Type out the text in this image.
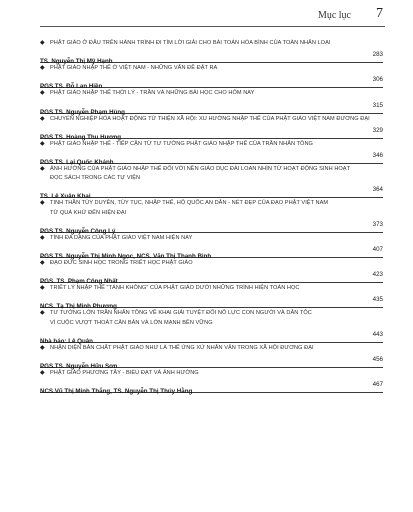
Mục lục 7
◆
PHẬT GIÁO Ở ĐÂU TRÊN HÀNH TRÌNH ĐI TÌM LỜI GIẢI CHO BÀI TOÁN HÒA BÌNH CỦA TOÀN NHÂN LOẠI
TS. Nguyễn Thị Mỹ Hạnh
283
◆
PHẬT GIÁO NHẬP THẾ Ở VIỆT NAM - NHỮNG VẤN ĐỀ ĐẶT RA
PGS.TS. Đỗ Lan Hiền
306
◆
PHẬT GIÁO NHẬP THẾ THỜI LÝ - TRẦN VÀ NHỮNG BÀI HỌC CHO HÔM NAY
PGS.TS. Nguyễn Phạm Hùng
315
◆
CHUYỂN NGHIỆP HÓA HOẠT ĐỘNG TỪ THIỆN XÃ HỘI: XU HƯỚNG NHẬP THẾ CỦA PHẬT GIÁO VIỆT NAM ĐƯƠNG ĐẠI
PGS.TS. Hoàng Thu Hương
329
◆
PHẬT GIÁO NHẬP THẾ - TIẾP CẬN TỪ TƯ TƯỞNG PHẬT GIÁO NHẬP THẾ CỦA TRẦN NHÂN TÔNG
PGS.TS. Lại Quốc Khánh
346
◆
ẢNH HƯỞNG CỦA PHẬT GIÁO NHẬP THẾ ĐỐI VỚI NỀN GIÁO DỤC ĐÀI LOAN NHÌN TỪ HOẠT ĐỘNG SINH HOẠT
ĐỌC SÁCH TRONG CÁC TỰ VIỆN
TS. Lê Xuân Khai
364
◆
TINH THẦN TÙY DUYÊN, TÙY TỤC, NHẬP THẾ, HỘ QUỐC AN DÂN - NÉT ĐẸP CỦA ĐẠO PHẬT VIỆT NAM
TỪ QUÁ KHỨ ĐẾN HIỆN ĐẠI
PGS.TS. Nguyễn Công Lý
373
◆
TÍNH ĐA DẠNG CỦA PHẬT GIÁO VIỆT NAM HIỆN NAY
PGS.TS. Nguyễn Thị Minh Ngọc, NCS. Văn Thị Thanh Bình
407
◆
ĐẠO ĐỨC SINH HỌC TRONG TRIẾT HỌC PHẬT GIÁO
PGS. TS. Phạm Công Nhất
423
◆
TRIẾT LÝ NHẬP THẾ "TÁNH KHÔNG" CỦA PHẬT GIÁO DƯỚI NHỮNG TRÌNH HIỆN TOÁN HỌC
NCS. Tạ Thị Minh Phương
435
◆
TƯ TƯỞNG LỚN TRẦN NHÂN TÔNG VỀ KHAI GIẢI TUYỆT ĐỐI NỖ LỰC CON NGƯỜI VÀ DÂN TỘC
VÌ CUỘC VƯỢT THOÁT CĂN BẢN VÀ LỚN MẠNH BỀN VỮNG
Nhà báo: Lê Quân
443
◆
NHẬN DIỆN BẢN CHẤT PHẬT GIÁO NHƯ LÀ THẾ ỨNG XỬ NHÂN VĂN TRONG XÃ HỘI ĐƯƠNG ĐẠI
PGS.TS. Nguyễn Hữu Sơn
456
◆
PHẬT GIÁO PHƯƠNG TÂY - BIỂU ĐẠT VÀ ẢNH HƯỞNG
NCS.Vũ Thị Minh Thắng, TS. Nguyễn Thị Thúy Hằng
467
